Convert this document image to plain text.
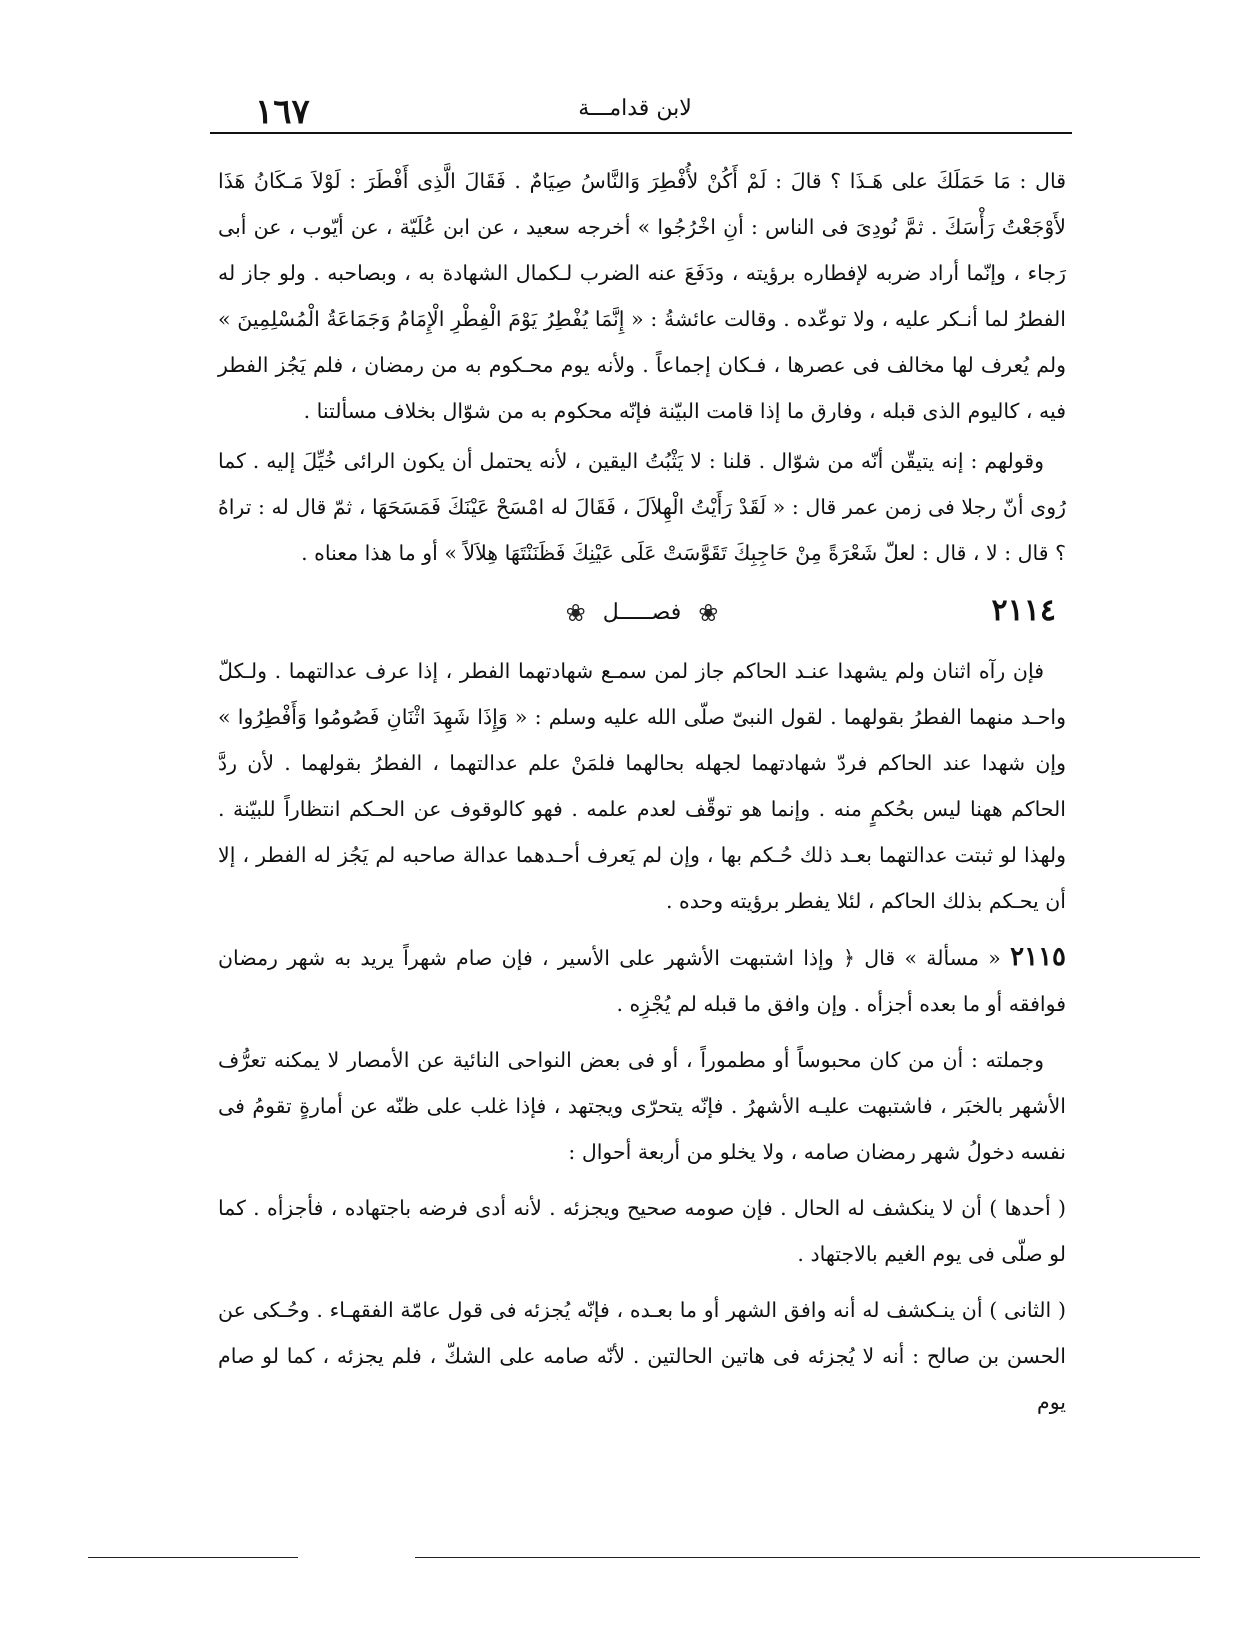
١٦٧	لابن قدامـــة

قال : مَا حَمَلَكَ على هَـذَا ؟ قالَ : لَمْ أَكُنْ لأُفْطِرَ وَالنَّاسُ صِيَامٌ . فَقَالَ الَّذِى أَفْطَرَ : لَوْلاَ مَـكَانُ هَذَا لأَوْجَعْتُ رَأْسَكَ . ثمَّ نُودِىَ فى الناس : أنِ اخْرُجُوا » أخرجه سعيد ، عن ابن عُلَيّة ، عن أيّوب ، عن أبى رَجاء ، وإنّما أراد ضربه لإفطاره برؤيته ، ودَفَعَ عنه الضرب لـكمال الشهادة به ، وبصاحبه . ولو جاز له الفطرُ لما أنـكر عليه ، ولا توعّده . وقالت عائشةُ : « إِنَّمَا يُفْطِرُ يَوْمَ الْفِطْرِ الْإِمَامُ وَجَمَاعَةُ الْمُسْلِمِينَ » ولم يُعرف لها مخالف فى عصرها ، فـكان إجماعاً . ولأنه يوم محـكوم به من رمضان ، فلم يَجُز الفطر فيه ، كاليوم الذى قبله ، وفارق ما إذا قامت البيّنة فإنّه محكوم به من شوّال بخلاف مسألتنا .

وقولهم : إنه يتيقّن أنّه من شوّال . قلنا : لا يَثْبُتُ اليقين ، لأنه يحتمل أن يكون الرائى خُيِّلَ إليه . كما رُوى أنّ رجلا فى زمن عمر قال : « لَقَدْ رَأَيْتُ الْهِلاَلَ ، فَقَالَ له امْسَحْ عَيْنَكَ فَمَسَحَهَا ، ثمّ قال له : تراهُ ؟ قال : لا ، قال : لعلّ شَعْرَةً مِنْ حَاجِبِكَ تَقَوَّسَتْ عَلَى عَيْنِكَ فَظَنَنْتَهَا هِلاَلاً » أو ما هذا معناه .

٢١١٤
❀ فصـــــل ❀

فإن رآه اثنان ولم يشهدا عنـد الحاكم جاز لمن سمـع شهادتهما الفطر ، إذا عرف عدالتهما . ولـكلّ واحـد منهما الفطرُ بقولهما . لقول النبىّ صلّى الله عليه وسلم : « وَإِذَا شَهِدَ اثْنَانِ فَصُومُوا وَأَفْطِرُوا » وإن شهدا عند الحاكم فردّ شهادتهما لجهله بحالهما فلمَنْ علم عدالتهما ، الفطرُ بقولهما . لأن ردَّ الحاكم ههنا ليس بحُكمٍ منه . وإنما هو توقّف لعدم علمه . فهو كالوقوف عن الحـكم انتظاراً للبيّنة . ولهذا لو ثبتت عدالتهما بعـد ذلك حُـكم بها ، وإن لم يَعرف أحـدهما عدالة صاحبه لم يَجُز له الفطر ، إلا أن يحـكم بذلك الحاكم ، لئلا يفطر برؤيته وحده .

٢١١٥ « مسألة » قال ﴿ وإذا اشتبهت الأشهر على الأسير ، فإن صام شهراً يريد به شهر رمضان فوافقه أو ما بعده أجزأه . وإن وافق ما قبله لم يُجْزِه .

وجملته : أن من كان محبوساً أو مطموراً ، أو فى بعض النواحى النائية عن الأمصار لا يمكنه تعرُّف الأشهر بالخبَر ، فاشتبهت عليـه الأشهرُ . فإنّه يتحرّى ويجتهد ، فإذا غلب على ظنّه عن أمارةٍ تقومُ فى نفسه دخولُ شهر رمضان صامه ، ولا يخلو من أربعة أحوال :

( أحدها ) أن لا ينكشف له الحال . فإن صومه صحيح ويجزئه . لأنه أدى فرضه باجتهاده ، فأجزأه . كما لو صلّى فى يوم الغيم بالاجتهاد .

( الثانى ) أن ينـكشف له أنه وافق الشهر أو ما بعـده ، فإنّه يُجزئه فى قول عامّة الفقهـاء . وحُـكى عن الحسن بن صالح : أنه لا يُجزئه فى هاتين الحالتين . لأنّه صامه على الشكّ ، فلم يجزئه ، كما لو صام يوم
